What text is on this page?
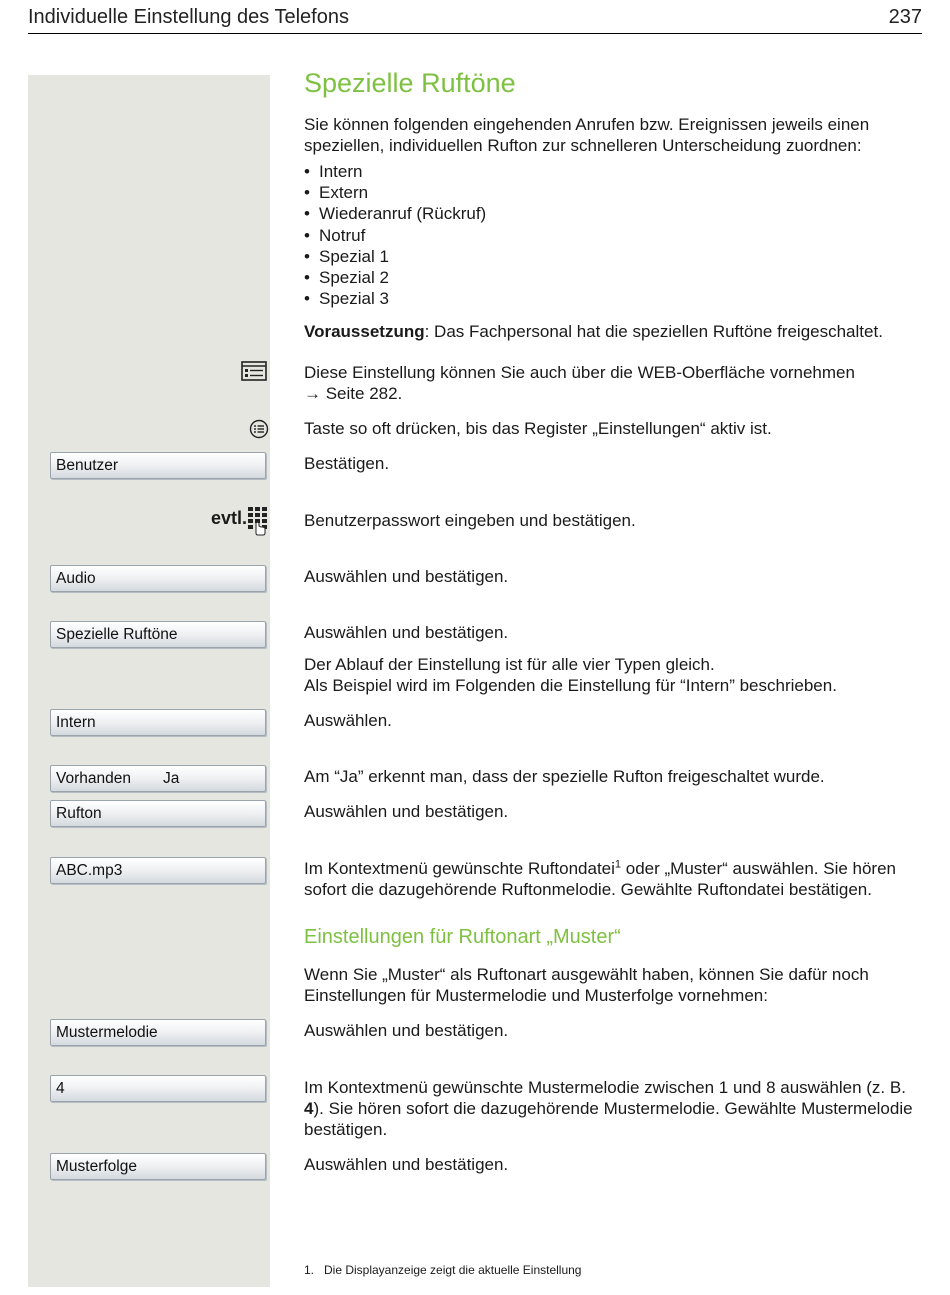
Individuelle Einstellung des Telefons	237
evtl.
Benutzer
Audio
Spezielle Ruftöne
Intern
Vorhanden Ja
Rufton
ABC.mp3
Mustermelodie
4
Musterfolge
Spezielle Ruftöne
Sie können folgenden eingehenden Anrufen bzw. Ereignissen jeweils einen speziellen, individuellen Rufton zur schnelleren Unterscheidung zuordnen:
• Intern
• Extern
• Wiederanruf (Rückruf)
• Notruf
• Spezial 1
• Spezial 2
• Spezial 3
Voraussetzung: Das Fachpersonal hat die speziellen Ruftöne freigeschaltet.
Diese Einstellung können Sie auch über die WEB-Oberfläche vornehmen
→ Seite 282.
Taste so oft drücken, bis das Register „Einstellungen“ aktiv ist.
Bestätigen.
Benutzerpasswort eingeben und bestätigen.
Auswählen und bestätigen.
Auswählen und bestätigen.
Der Ablauf der Einstellung ist für alle vier Typen gleich.
Als Beispiel wird im Folgenden die Einstellung für “Intern” beschrieben.
Auswählen.
Am “Ja” erkennt man, dass der spezielle Rufton freigeschaltet wurde.
Auswählen und bestätigen.
Im Kontextmenü gewünschte Ruftondatei$^1$ oder „Muster“ auswählen. Sie hören sofort die dazugehörende Ruftonmelodie. Gewählte Ruftondatei bestätigen.
Einstellungen für Ruftonart „Muster“
Wenn Sie „Muster“ als Ruftonart ausgewählt haben, können Sie dafür noch Einstellungen für Mustermelodie und Musterfolge vornehmen:
Auswählen und bestätigen.
Im Kontextmenü gewünschte Mustermelodie zwischen 1 und 8 auswählen (z. B. 4). Sie hören sofort die dazugehörende Mustermelodie. Gewählte Mustermelodie bestätigen.
Auswählen und bestätigen.
1. Die Displayanzeige zeigt die aktuelle Einstellung
